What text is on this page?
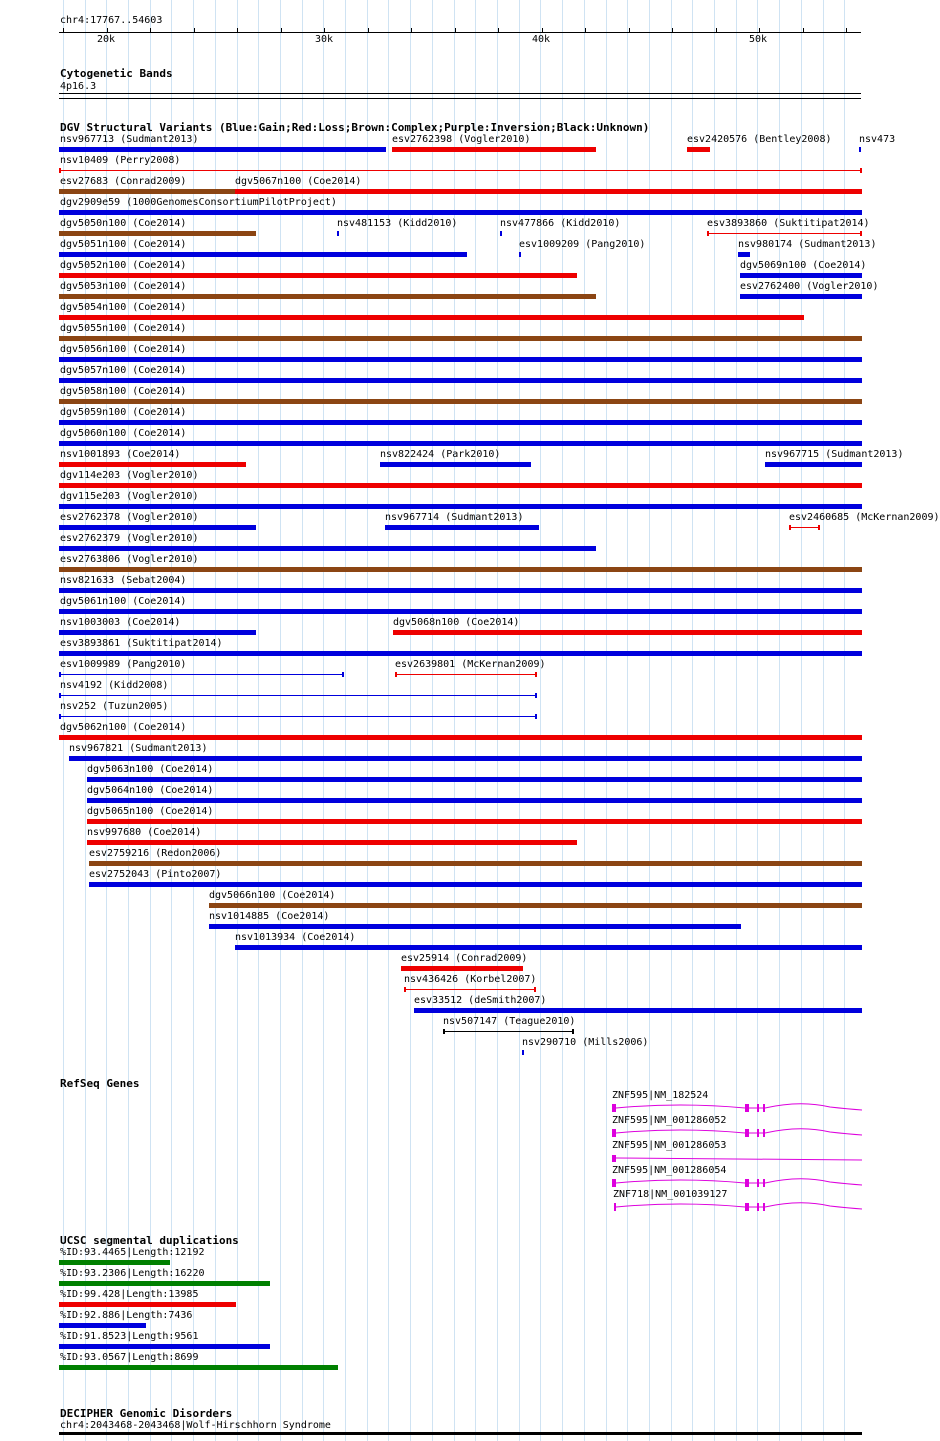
chr4:17767..54603
20k	30k	40k	50k
Cytogenetic Bands
4p16.3
DGV Structural Variants (Blue:Gain;Red:Loss;Brown:Complex;Purple:Inversion;Black:Unknown)
nsv967713 (Sudmant2013)	esv2762398 (Vogler2010)	esv2420576 (Bentley2008)	nsv473
nsv10409 (Perry2008)
esv27683 (Conrad2009)	dgv5067n100 (Coe2014)
dgv2909e59 (1000GenomesConsortiumPilotProject)
dgv5050n100 (Coe2014)	nsv481153 (Kidd2010)	nsv477866 (Kidd2010)	esv3893860 (Suktitipat2014)
dgv5051n100 (Coe2014)	esv1009209 (Pang2010)	nsv980174 (Sudmant2013)
dgv5052n100 (Coe2014)	dgv5069n100 (Coe2014)
dgv5053n100 (Coe2014)	esv2762400 (Vogler2010)
dgv5054n100 (Coe2014)
dgv5055n100 (Coe2014)
dgv5056n100 (Coe2014)
dgv5057n100 (Coe2014)
dgv5058n100 (Coe2014)
dgv5059n100 (Coe2014)
dgv5060n100 (Coe2014)
nsv1001893 (Coe2014)	nsv822424 (Park2010)	nsv967715 (Sudmant2013)
dgv114e203 (Vogler2010)
dgv115e203 (Vogler2010)
esv2762378 (Vogler2010)	nsv967714 (Sudmant2013)	esv2460685 (McKernan2009)
esv2762379 (Vogler2010)
esv2763806 (Vogler2010)
nsv821633 (Sebat2004)
dgv5061n100 (Coe2014)
nsv1003003 (Coe2014)	dgv5068n100 (Coe2014)
esv3893861 (Suktitipat2014)
esv1009989 (Pang2010)	esv2639801 (McKernan2009)
nsv4192 (Kidd2008)
nsv252 (Tuzun2005)
dgv5062n100 (Coe2014)
nsv967821 (Sudmant2013)
dgv5063n100 (Coe2014)
dgv5064n100 (Coe2014)
dgv5065n100 (Coe2014)
nsv997680 (Coe2014)
esv2759216 (Redon2006)
esv2752043 (Pinto2007)
dgv5066n100 (Coe2014)
nsv1014885 (Coe2014)
nsv1013934 (Coe2014)
esv25914 (Conrad2009)
nsv436426 (Korbel2007)
esv33512 (deSmith2007)
nsv507147 (Teague2010)
nsv290710 (Mills2006)
RefSeq Genes
ZNF595|NM_182524
ZNF595|NM_001286052
ZNF595|NM_001286053
ZNF595|NM_001286054
ZNF718|NM_001039127
UCSC segmental duplications
%ID:93.4465|Length:12192
%ID:93.2306|Length:16220
%ID:99.428|Length:13985
%ID:92.886|Length:7436
%ID:91.8523|Length:9561
%ID:93.0567|Length:8699
DECIPHER Genomic Disorders
chr4:2043468-2043468|Wolf-Hirschhorn Syndrome
